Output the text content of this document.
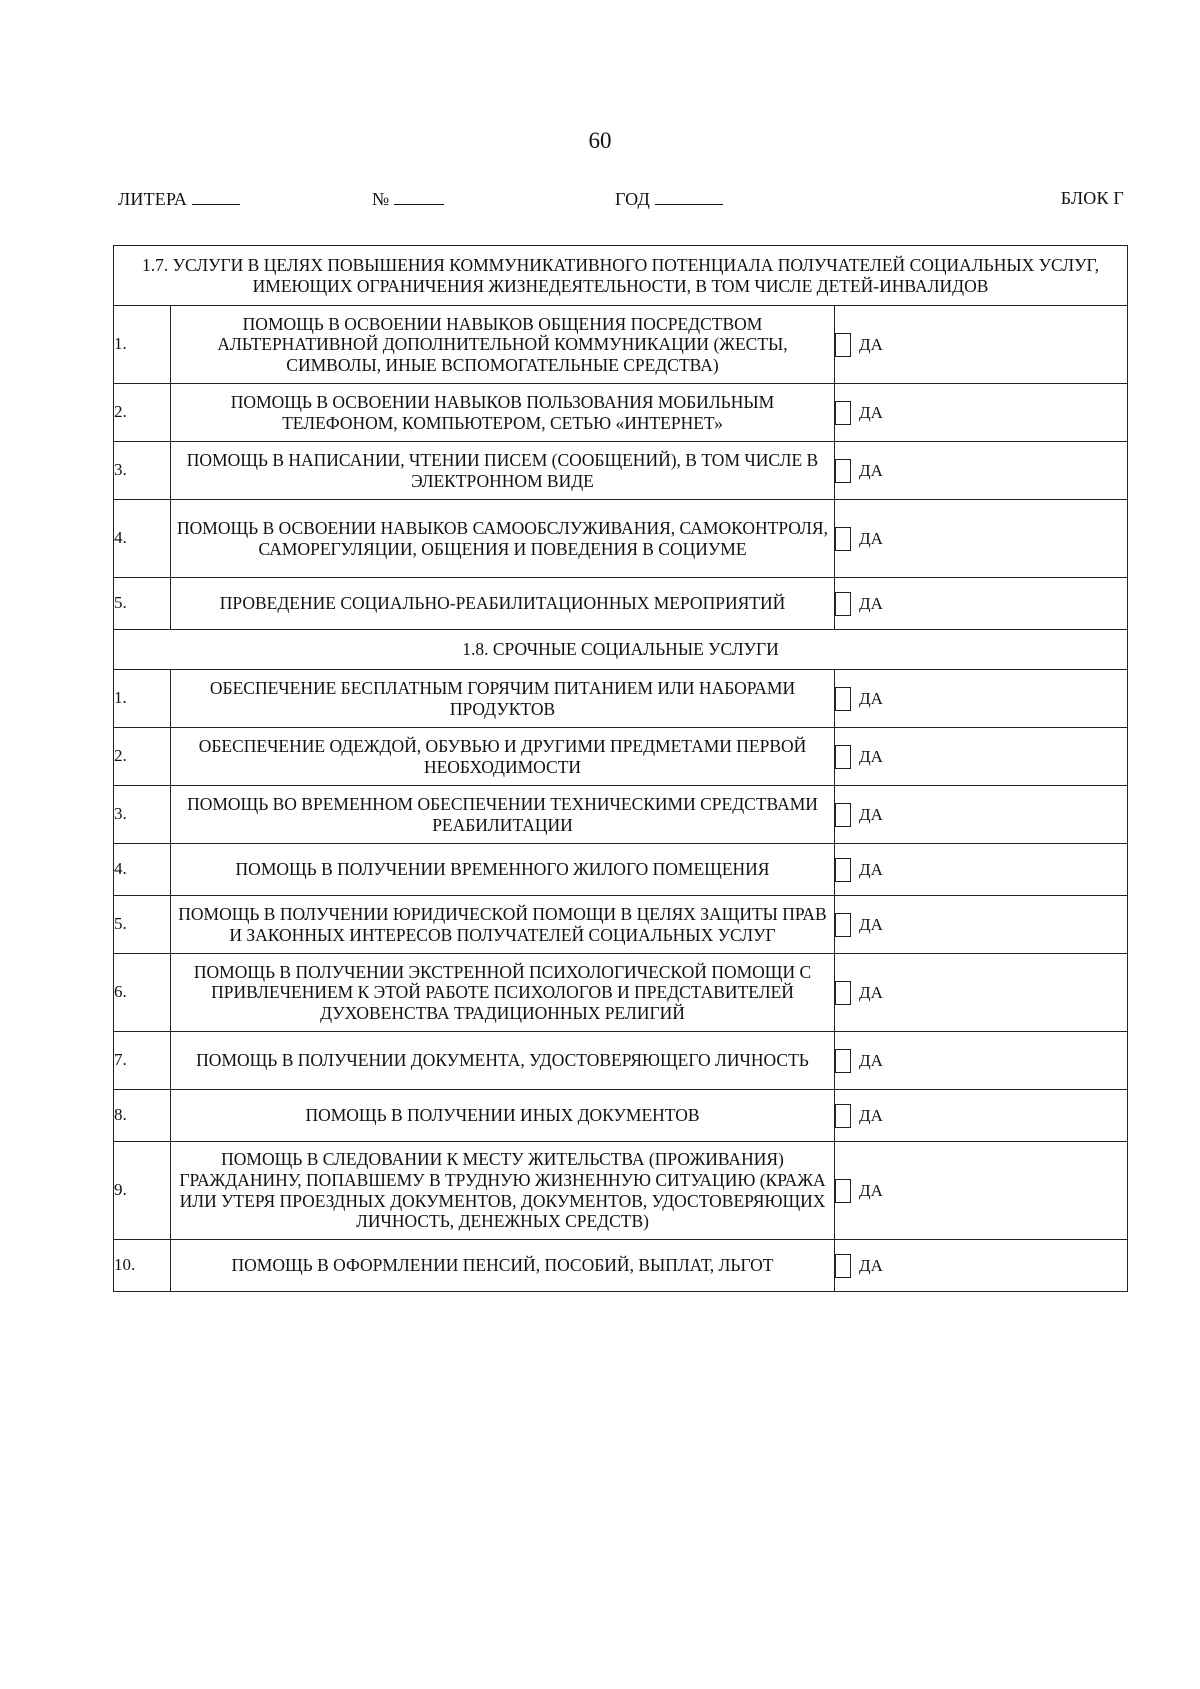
60
ЛИТЕРА	№	ГОД	БЛОК Г
1.7. УСЛУГИ В ЦЕЛЯХ ПОВЫШЕНИЯ КОММУНИКАТИВНОГО ПОТЕНЦИАЛА ПОЛУЧАТЕЛЕЙ СОЦИАЛЬНЫХ УСЛУГ, ИМЕЮЩИХ ОГРАНИЧЕНИЯ ЖИЗНЕДЕЯТЕЛЬНОСТИ, В ТОМ ЧИСЛЕ ДЕТЕЙ-ИНВАЛИДОВ		
1.	ПОМОЩЬ В ОСВОЕНИИ НАВЫКОВ ОБЩЕНИЯ ПОСРЕДСТВОМ АЛЬТЕРНАТИВНОЙ ДОПОЛНИТЕЛЬНОЙ КОММУНИКАЦИИ (ЖЕСТЫ, СИМВОЛЫ, ИНЫЕ ВСПОМОГАТЕЛЬНЫЕ СРЕДСТВА)	ДА
2.	ПОМОЩЬ В ОСВОЕНИИ НАВЫКОВ ПОЛЬЗОВАНИЯ МОБИЛЬНЫМ ТЕЛЕФОНОМ, КОМПЬЮТЕРОМ, СЕТЬЮ «ИНТЕРНЕТ»	ДА
3.	ПОМОЩЬ В НАПИСАНИИ, ЧТЕНИИ ПИСЕМ (СООБЩЕНИЙ), В ТОМ ЧИСЛЕ В ЭЛЕКТРОННОМ ВИДЕ	ДА
4.	ПОМОЩЬ В ОСВОЕНИИ НАВЫКОВ САМООБСЛУЖИВАНИЯ, САМОКОНТРОЛЯ, САМОРЕГУЛЯЦИИ, ОБЩЕНИЯ И ПОВЕДЕНИЯ В СОЦИУМЕ	ДА
5.	ПРОВЕДЕНИЕ СОЦИАЛЬНО-РЕАБИЛИТАЦИОННЫХ МЕРОПРИЯТИЙ	ДА
1.8. СРОЧНЫЕ СОЦИАЛЬНЫЕ УСЛУГИ		
1.	ОБЕСПЕЧЕНИЕ БЕСПЛАТНЫМ ГОРЯЧИМ ПИТАНИЕМ ИЛИ НАБОРАМИ ПРОДУКТОВ	ДА
2.	ОБЕСПЕЧЕНИЕ ОДЕЖДОЙ, ОБУВЬЮ И ДРУГИМИ ПРЕДМЕТАМИ ПЕРВОЙ НЕОБХОДИМОСТИ	ДА
3.	ПОМОЩЬ ВО ВРЕМЕННОМ ОБЕСПЕЧЕНИИ ТЕХНИЧЕСКИМИ СРЕДСТВАМИ РЕАБИЛИТАЦИИ	ДА
4.	ПОМОЩЬ В ПОЛУЧЕНИИ ВРЕМЕННОГО ЖИЛОГО ПОМЕЩЕНИЯ	ДА
5.	ПОМОЩЬ В ПОЛУЧЕНИИ ЮРИДИЧЕСКОЙ ПОМОЩИ В ЦЕЛЯХ ЗАЩИТЫ ПРАВ И ЗАКОННЫХ ИНТЕРЕСОВ ПОЛУЧАТЕЛЕЙ СОЦИАЛЬНЫХ УСЛУГ	ДА
6.	ПОМОЩЬ В ПОЛУЧЕНИИ ЭКСТРЕННОЙ ПСИХОЛОГИЧЕСКОЙ ПОМОЩИ С ПРИВЛЕЧЕНИЕМ К ЭТОЙ РАБОТЕ ПСИХОЛОГОВ И ПРЕДСТАВИТЕЛЕЙ ДУХОВЕНСТВА ТРАДИЦИОННЫХ РЕЛИГИЙ	ДА
7.	ПОМОЩЬ В ПОЛУЧЕНИИ ДОКУМЕНТА, УДОСТОВЕРЯЮЩЕГО ЛИЧНОСТЬ	ДА
8.	ПОМОЩЬ В ПОЛУЧЕНИИ ИНЫХ ДОКУМЕНТОВ	ДА
9.	ПОМОЩЬ В СЛЕДОВАНИИ К МЕСТУ ЖИТЕЛЬСТВА (ПРОЖИВАНИЯ) ГРАЖДАНИНУ, ПОПАВШЕМУ В ТРУДНУЮ ЖИЗНЕННУЮ СИТУАЦИЮ (КРАЖА ИЛИ УТЕРЯ ПРОЕЗДНЫХ ДОКУМЕНТОВ, ДОКУМЕНТОВ, УДОСТОВЕРЯЮЩИХ ЛИЧНОСТЬ, ДЕНЕЖНЫХ СРЕДСТВ)	ДА
10.	ПОМОЩЬ В ОФОРМЛЕНИИ ПЕНСИЙ, ПОСОБИЙ, ВЫПЛАТ, ЛЬГОТ	ДА
